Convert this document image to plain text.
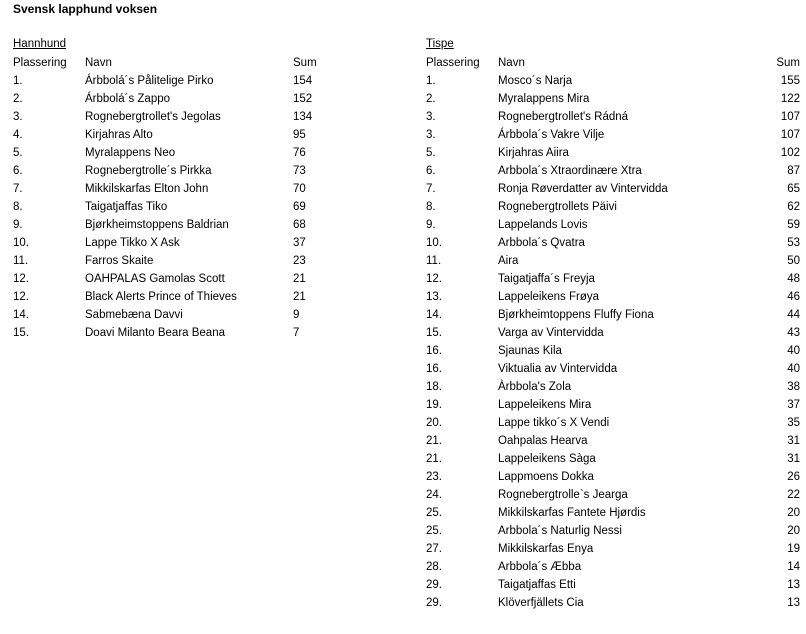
Svensk lapphund voksen
Hannhund
Plassering Navn	Sum
1.	Árbbolá´s Pålitelige Pirko	154
2.	Árbbolá´s Zappo	152
3.	Rognebergtrollet's Jegolas	134
4.	Kirjahras Alto	95
5.	Myralappens Neo	76
6.	Rognebergtrolle´s Pirkka	73
7.	Mikkilskarfas Elton John	70
8.	Taigatjaffas Tiko	69
9.	Bjørkheimstoppens Baldrian	68
10.	Lappe Tikko X Ask	37
11.	Farros Skaite	23
12.	OAHPALAS Gamolas Scott	21
12.	Black Alerts Prince of Thieves	21
14.	Sabmebæna Davvi	9
15.	Doavi Milanto Beara Beana	7
Tispe
Plassering Navn	Sum
1.	Mosco´s Narja	155
2.	Myralappens Mira	122
3.	Rognebergtrollet's Rádná	107
3.	Árbbola´s Vakre Vilje	107
5.	Kirjahras Aiira	102
6.	Arbbola´s Xtraordinære Xtra	87
7.	Ronja Røverdatter av Vintervidda	65
8.	Rognebergtrollets Päivi	62
9.	Lappelands Lovis	59
10.	Arbbola´s Qvatra	53
11.	Aira	50
12.	Taigatjaffa´s Freyja	48
13.	Lappeleikens Frøya	46
14.	Bjørkheimtoppens Fluffy Fiona	44
15.	Varga av Vintervidda	43
16.	Sjaunas Kila	40
16.	Viktualia av Vintervidda	40
18.	Àrbbola's Zola	38
19.	Lappeleikens Mira	37
20.	Lappe tikko´s X Vendi	35
21.	Oahpalas Hearva	31
21.	Lappeleikens Sàga	31
23.	Lappmoens Dokka	26
24.	Rognebergtrolle`s Jearga	22
25.	Mikkilskarfas Fantete Hjørdis	20
25.	Arbbola´s Naturlig Nessi	20
27.	Mikkilskarfas Enya	19
28.	Arbbola´s Æbba	14
29.	Taigatjaffas Etti	13
29.	Klöverfjällets Cia	13
